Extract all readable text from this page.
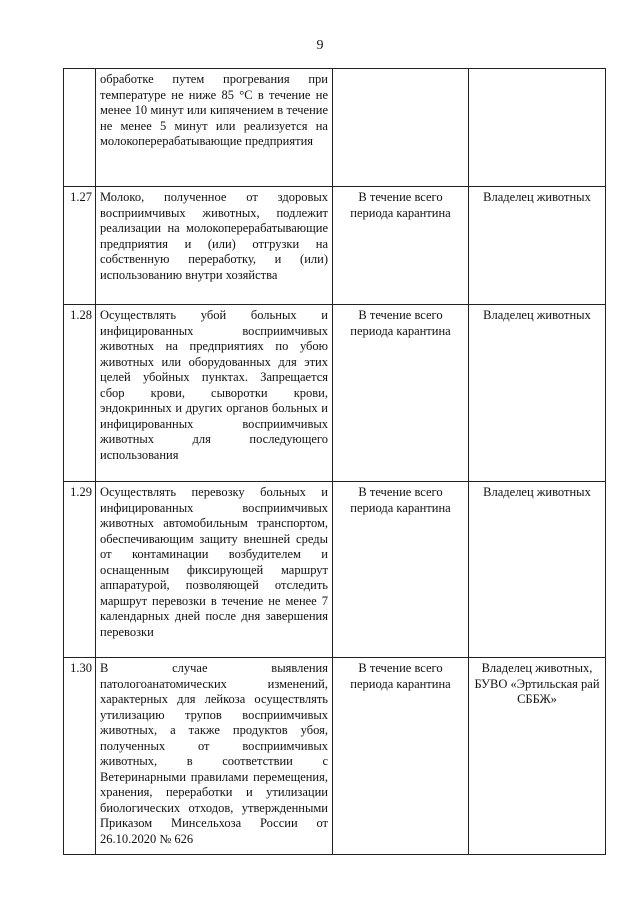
9
	обработке путем прогревания при температуре не ниже 85 °С в течение не менее 10 минут или кипячением в течение не менее 5 минут или реализуется на молокоперерабатывающие предприятия		
1.27	Молоко, полученное от здоровых восприимчивых животных, подлежит реализации на молокоперерабатывающие предприятия и (или) отгрузки на собственную переработку, и (или) использованию внутри хозяйства	В течение всего периода карантина	Владелец животных
1.28	Осуществлять убой больных и инфицированных восприимчивых животных на предприятиях по убою животных или оборудованных для этих целей убойных пунктах. Запрещается сбор крови, сыворотки крови, эндокринных и других органов больных и инфицированных восприимчивых животных для последующего использования	В течение всего периода карантина	Владелец животных
1.29	Осуществлять перевозку больных и инфицированных восприимчивых животных автомобильным транспортом, обеспечивающим защиту внешней среды от контаминации возбудителем и оснащенным фиксирующей маршрут аппаратурой, позволяющей отследить маршрут перевозки в течение не менее 7 календарных дней после дня завершения перевозки	В течение всего периода карантина	Владелец животных
1.30	В случае выявления патологоанатомических изменений, характерных для лейкоза осуществлять утилизацию трупов восприимчивых животных, а также продуктов убоя, полученных от восприимчивых животных, в соответствии с Ветеринарными правилами перемещения, хранения, переработки и утилизации биологических отходов, утвержденными Приказом Минсельхоза России от 26.10.2020 № 626	В течение всего периода карантина	Владелец животных, БУВО «Эртильская рай СББЖ»
